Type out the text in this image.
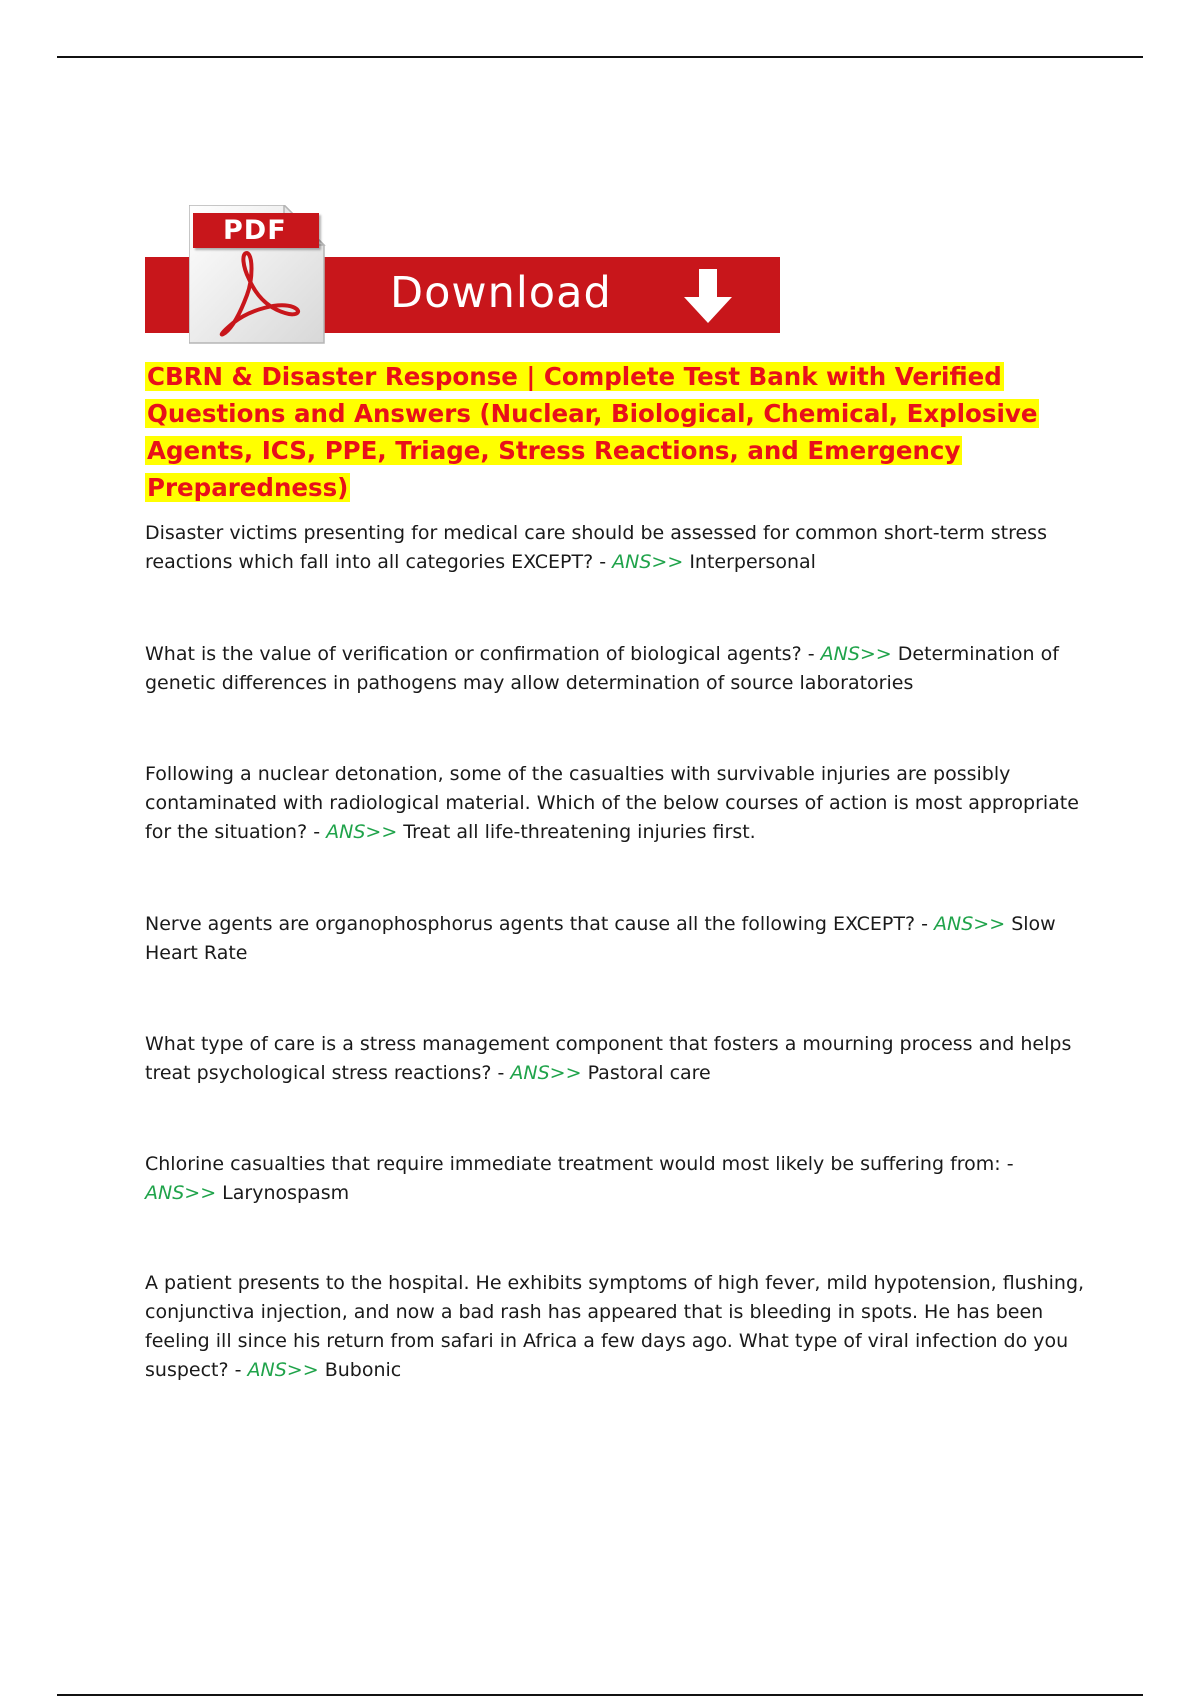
Download
PDF
CBRN & Disaster Response | Complete Test Bank with Verified Questions and Answers (Nuclear, Biological, Chemical, Explosive Agents, ICS, PPE, Triage, Stress Reactions, and Emergency Preparedness)
Disaster victims presenting for medical care should be assessed for common short-term stress reactions which fall into all categories EXCEPT? - ANS>> Interpersonal
What is the value of verification or confirmation of biological agents? - ANS>> Determination of genetic differences in pathogens may allow determination of source laboratories
Following a nuclear detonation, some of the casualties with survivable injuries are possibly contaminated with radiological material. Which of the below courses of action is most appropriate for the situation? - ANS>> Treat all life-threatening injuries first.
Nerve agents are organophosphorus agents that cause all the following EXCEPT? - ANS>> Slow Heart Rate
What type of care is a stress management component that fosters a mourning process and helps treat psychological stress reactions? - ANS>> Pastoral care
Chlorine casualties that require immediate treatment would most likely be suffering from: - ANS>> Larynospasm
A patient presents to the hospital. He exhibits symptoms of high fever, mild hypotension, flushing, conjunctiva injection, and now a bad rash has appeared that is bleeding in spots. He has been feeling ill since his return from safari in Africa a few days ago. What type of viral infection do you suspect? - ANS>> Bubonic
